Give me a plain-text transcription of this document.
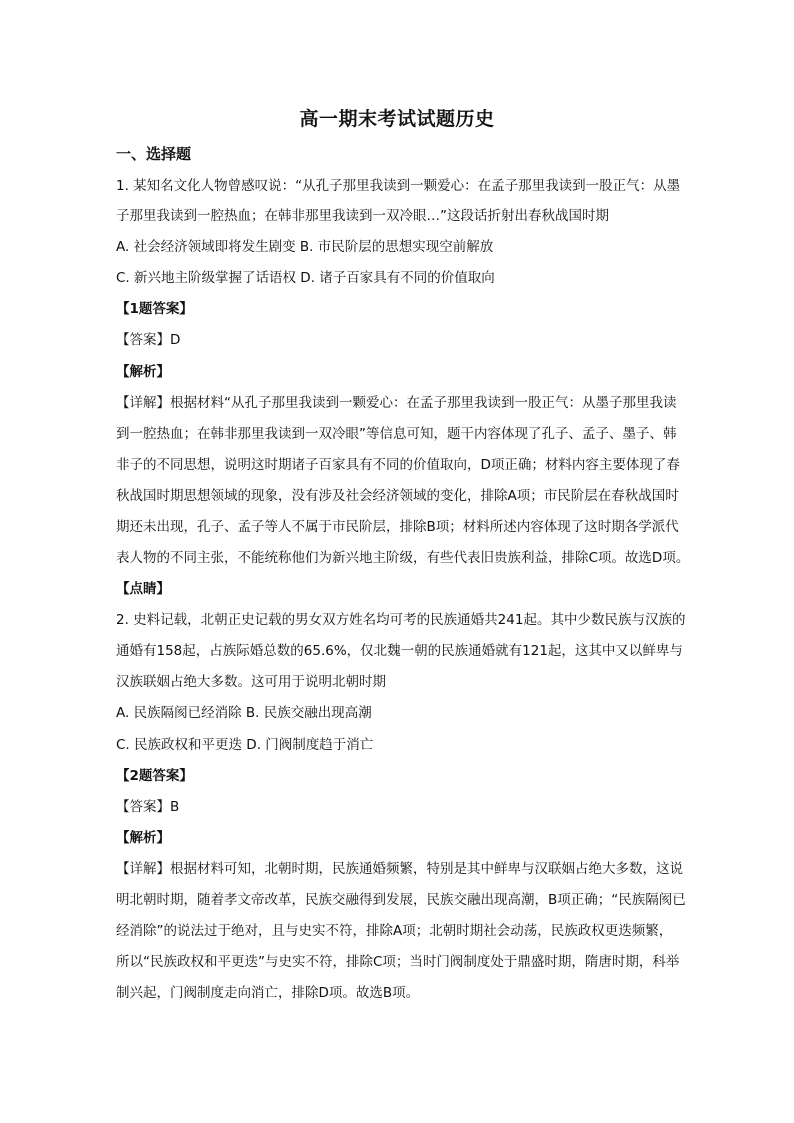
高一期末考试试题历史
一、选择题
1. 某知名文化人物曾感叹说：“从孔子那里我读到一颗爱心：在孟子那里我读到一股正气：从墨
子那里我读到一腔热血；在韩非那里我读到一双冷眼…”这段话折射出春秋战国时期
A. 社会经济领域即将发生剧变 B. 市民阶层的思想实现空前解放
C. 新兴地主阶级掌握了话语权 D. 诸子百家具有不同的价值取向
【1题答案】
【答案】D
【解析】
【详解】根据材料“从孔子那里我读到一颗爱心：在孟子那里我读到一股正气：从墨子那里我读
到一腔热血；在韩非那里我读到一双冷眼”等信息可知，题干内容体现了孔子、孟子、墨子、韩
非子的不同思想，说明这时期诸子百家具有不同的价值取向，D项正确；材料内容主要体现了春
秋战国时期思想领域的现象，没有涉及社会经济领域的变化，排除A项；市民阶层在春秋战国时
期还未出现，孔子、孟子等人不属于市民阶层，排除B项；材料所述内容体现了这时期各学派代
表人物的不同主张，不能统称他们为新兴地主阶级，有些代表旧贵族利益，排除C项。故选D项。
【点睛】
2. 史料记载，北朝正史记载的男女双方姓名均可考的民族通婚共241起。其中少数民族与汉族的
通婚有158起，占族际婚总数的65.6%，仅北魏一朝的民族通婚就有121起，这其中又以鲜卑与
汉族联姻占绝大多数。这可用于说明北朝时期
A. 民族隔阂已经消除 B. 民族交融出现高潮
C. 民族政权和平更迭 D. 门阀制度趋于消亡
【2题答案】
【答案】B
【解析】
【详解】根据材料可知，北朝时期，民族通婚频繁，特别是其中鲜卑与汉联姻占绝大多数，这说
明北朝时期，随着孝文帝改革，民族交融得到发展，民族交融出现高潮，B项正确；“民族隔阂已
经消除”的说法过于绝对，且与史实不符，排除A项；北朝时期社会动荡，民族政权更迭频繁，
所以“民族政权和平更迭”与史实不符，排除C项；当时门阀制度处于鼎盛时期，隋唐时期，科举
制兴起，门阀制度走向消亡，排除D项。故选B项。
